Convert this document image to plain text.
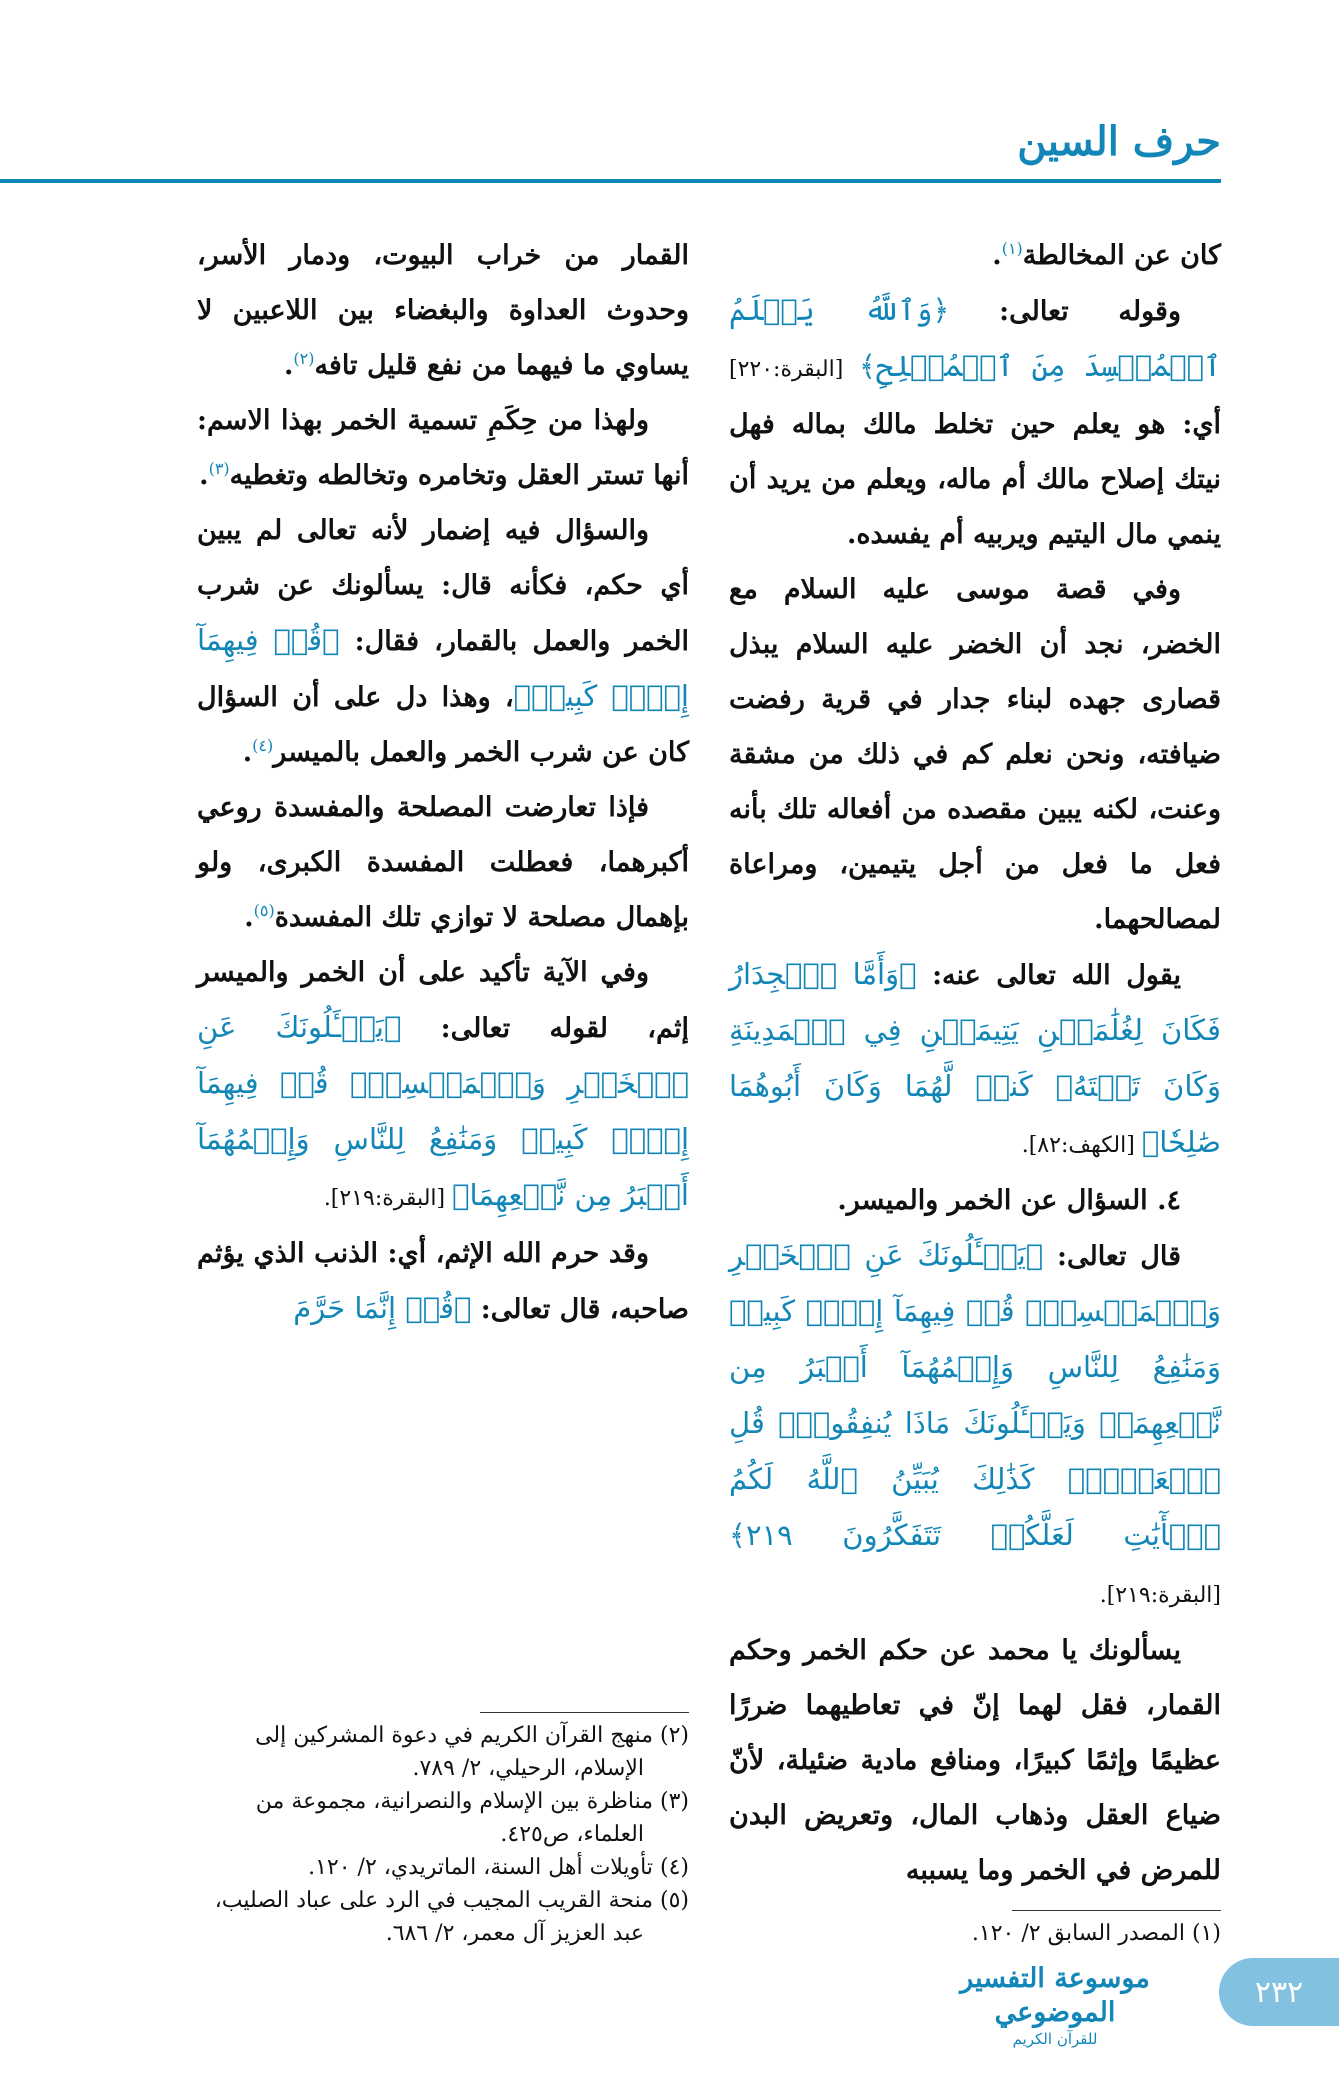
حرف السين

كان عن المخالطة$^{(١)}$.

وقوله تعالى: ﴿وَٱللَّهُ يَعۡلَمُ ٱلۡمُفۡسِدَ مِنَ ٱلۡمُصۡلِحِ﴾ [البقرة:٢٢٠] أي: هو يعلم حين تخلط مالك بماله فهل نيتك إصلاح مالك أم ماله، ويعلم من يريد أن ينمي مال اليتيم ويربيه أم يفسده.

وفي قصة موسى عليه السلام مع الخضر، نجد أن الخضر عليه السلام يبذل قصارى جهده لبناء جدار في قرية رفضت ضيافته، ونحن نعلم كم في ذلك من مشقة وعنت، لكنه يبين مقصده من أفعاله تلك بأنه فعل ما فعل من أجل يتيمين، ومراعاة لمصالحهما.

يقول الله تعالى عنه: ﴿وَأَمَّا ٱلۡجِدَارُ فَكَانَ لِغُلَٰمَيۡنِ يَتِيمَيۡنِ فِي ٱلۡمَدِينَةِ وَكَانَ تَحۡتَهُۥ كَنزٞ لَّهُمَا وَكَانَ أَبُوهُمَا صَٰلِحٗا﴾ [الكهف:٨٢].

٤. السؤال عن الخمر والميسر.

قال تعالى: ﴿يَسۡـَٔلُونَكَ عَنِ ٱلۡخَمۡرِ وَٱلۡمَيۡسِرِۖ قُلۡ فِيهِمَآ إِثۡمٞ كَبِيرٞ وَمَنَٰفِعُ لِلنَّاسِ وَإِثۡمُهُمَآ أَكۡبَرُ مِن نَّفۡعِهِمَاۗ وَيَسۡـَٔلُونَكَ مَاذَا يُنفِقُونَۖ قُلِ ٱلۡعَفۡوَۗ كَذَٰلِكَ يُبَيِّنُ ٱللَّهُ لَكُمُ ٱلۡأٓيَٰتِ لَعَلَّكُمۡ تَتَفَكَّرُونَ ٢١٩﴾ [البقرة:٢١٩].

يسألونك يا محمد عن حكم الخمر وحكم القمار، فقل لهما إنّ في تعاطيهما ضررًا عظيمًا وإثمًا كبيرًا، ومنافع مادية ضئيلة، لأنّ ضياع العقل وذهاب المال، وتعريض البدن للمرض في الخمر وما يسببه

(١) المصدر السابق ٢/ ١٢٠.

القمار من خراب البيوت، ودمار الأسر، وحدوث العداوة والبغضاء بين اللاعبين لا يساوي ما فيهما من نفع قليل تافه$^{(٢)}$.

ولهذا من حِكَمِ تسمية الخمر بهذا الاسم: أنها تستر العقل وتخامره وتخالطه وتغطيه$^{(٣)}$.

والسؤال فيه إضمار لأنه تعالى لم يبين أي حكم، فكأنه قال: يسألونك عن شرب الخمر والعمل بالقمار، فقال: ﴿قُلۡ فِيهِمَآ إِثۡمٞ كَبِيرٞ﴾، وهذا دل على أن السؤال كان عن شرب الخمر والعمل بالميسر$^{(٤)}$.

فإذا تعارضت المصلحة والمفسدة روعي أكبرهما، فعطلت المفسدة الكبرى، ولو بإهمال مصلحة لا توازي تلك المفسدة$^{(٥)}$.

وفي الآية تأكيد على أن الخمر والميسر إثم، لقوله تعالى: ﴿يَسۡـَٔلُونَكَ عَنِ ٱلۡخَمۡرِ وَٱلۡمَيۡسِرِۖ قُلۡ فِيهِمَآ إِثۡمٞ كَبِيرٞ وَمَنَٰفِعُ لِلنَّاسِ وَإِثۡمُهُمَآ أَكۡبَرُ مِن نَّفۡعِهِمَا﴾ [البقرة:٢١٩].

وقد حرم الله الإثم، أي: الذنب الذي يؤثم صاحبه، قال تعالى: ﴿قُلۡ إِنَّمَا حَرَّمَ

(٢) منهج القرآن الكريم في دعوة المشركين إلى الإسلام، الرحيلي، ٢/ ٧٨٩.
(٣) مناظرة بين الإسلام والنصرانية، مجموعة من العلماء، ص٤٢٥.
(٤) تأويلات أهل السنة، الماتريدي، ٢/ ١٢٠.
(٥) منحة القريب المجيب في الرد على عباد الصليب، عبد العزيز آل معمر، ٢/ ٦٨٦.
موسوعة التفسير الموضوعي
للقرآن الكريم
٢٣٢
